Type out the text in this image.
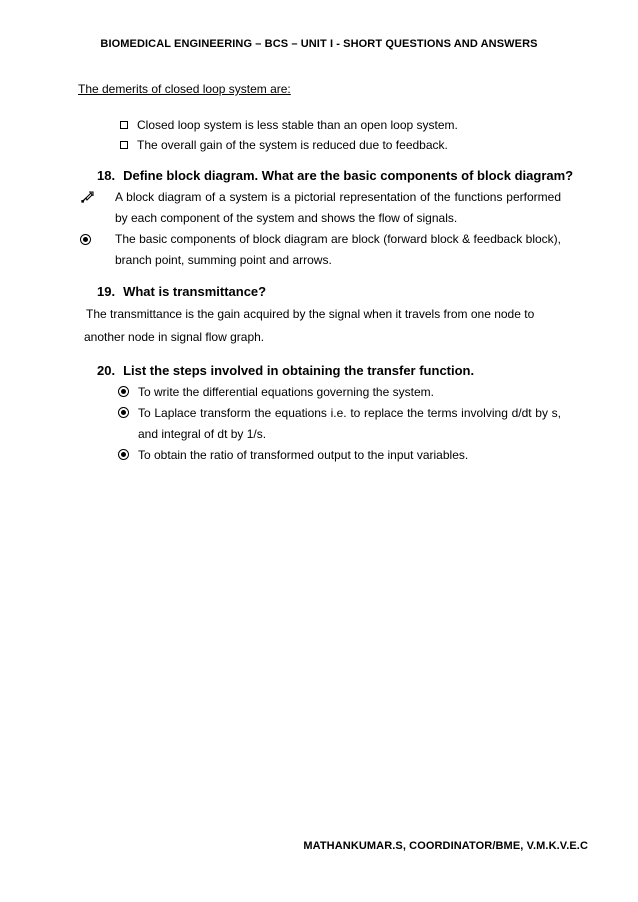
BIOMEDICAL ENGINEERING – BCS – UNIT I - SHORT QUESTIONS AND ANSWERS
The demerits of closed loop system are:
Closed loop system is less stable than an open loop system.
The overall gain of the system is reduced due to feedback.
18. Define block diagram. What are the basic components of block diagram?
A block diagram of a system is a pictorial representation of the functions performed by each component of the system and shows the flow of signals.
The basic components of block diagram are block (forward block & feedback block), branch point, summing point and arrows.
19. What is transmittance?
The transmittance is the gain acquired by the signal when it travels from one node to another node in signal flow graph.
20. List the steps involved in obtaining the transfer function.
To write the differential equations governing the system.
To Laplace transform the equations i.e. to replace the terms involving d/dt by s, and integral of dt by 1/s.
To obtain the ratio of transformed output to the input variables.
MATHANKUMAR.S, COORDINATOR/BME, V.M.K.V.E.C
